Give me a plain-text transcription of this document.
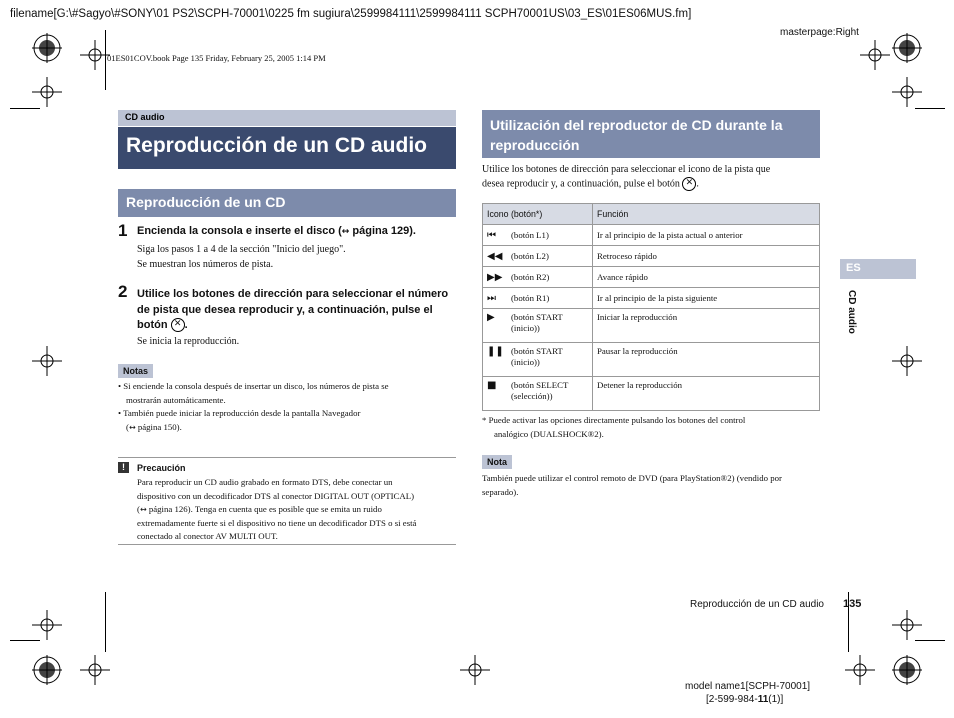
filename[G:\#Sagyo\#SONY\01 PS2\SCPH-70001\0225 fm sugiura\2599984111\2599984111 SCPH70001US\03_ES\01ES06MUS.fm]
masterpage:Right
01ES01COV.book Page 135 Friday, February 25, 2005 1:14 PM
CD audio
Reproducción de un CD audio
Reproducción de un CD
1 Encienda la consola e inserte el disco (↔ página 129).
Siga los pasos 1 a 4 de la sección "Inicio del juego".
Se muestran los números de pista.
2 Utilice los botones de dirección para seleccionar el número
de pista que desea reproducir y, a continuación, pulse el
botón ✕ .
Se inicia la reproducción.
Notas
• Si enciende la consola después de insertar un disco, los números de pista se
mostrarán automáticamente.
• También puede iniciar la reproducción desde la pantalla Navegador
(↔ página 150).
!	Precaución
Para reproducir un CD audio grabado en formato DTS, debe conectar un
dispositivo con un decodificador DTS al conector DIGITAL OUT (OPTICAL)
(↔ página 126). Tenga en cuenta que es posible que se emita un ruido
extremadamente fuerte si el dispositivo no tiene un decodificador DTS o si está
conectado al conector AV MULTI OUT.
Utilización del reproductor de CD durante la
reproducción
Utilice los botones de dirección para seleccionar el icono de la pista que
desea reproducir y, a continuación, pulse el botón ✕ .
Icono (botón*)	Función
⏮ (botón L1)	Ir al principio de la pista actual o anterior
◀◀ (botón L2)	Retroceso rápido
▶▶ (botón R2)	Avance rápido
⏭ (botón R1)	Ir al principio de la pista siguiente

▶ (botón START
(inicio))	Iniciar la reproducción

❚❚ (botón START
(inicio))	Pausar la reproducción

■ (botón SELECT
(selección))	Detener la reproducción
* Puede activar las opciones directamente pulsando los botones del control
analógico (DUALSHOCK®2).
Nota
También puede utilizar el control remoto de DVD (para PlayStation®2) (vendido por
separado).
ES
CD audio
Reproducción de un CD audio 135
model name1[SCPH-70001]
[2-599-984-11(1)]
